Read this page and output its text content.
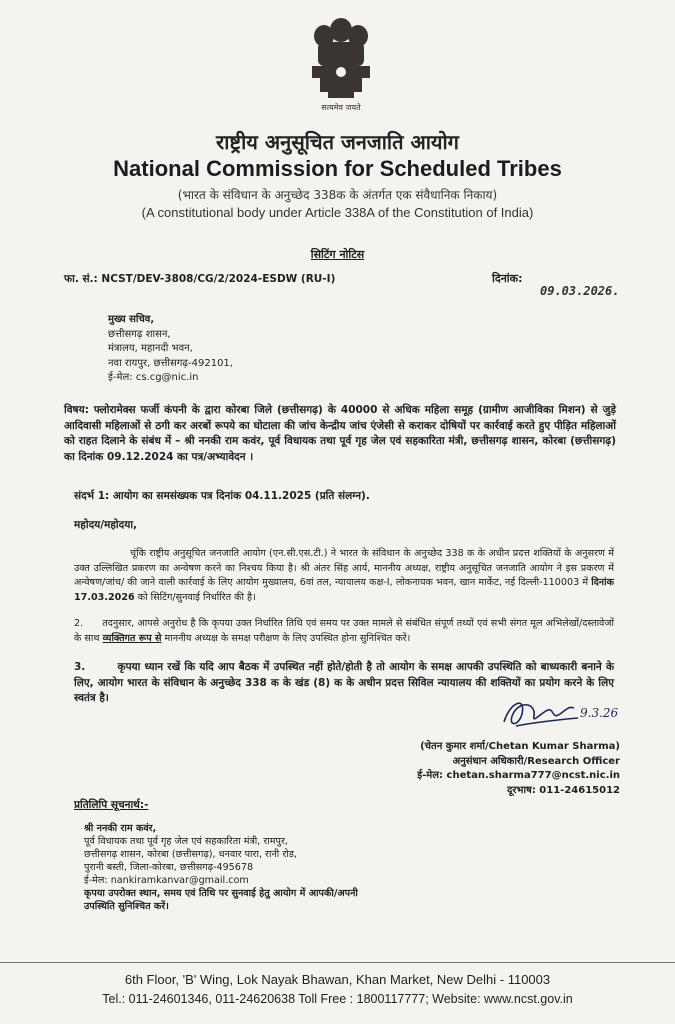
सत्यमेव जयते
राष्ट्रीय अनुसूचित जनजाति आयोग
National Commission for Scheduled Tribes
(भारत के संविधान के अनुच्छेद 338क के अंतर्गत एक संवैधानिक निकाय)
(A constitutional body under Article 338A of the Constitution of India)
सिटिंग नोटिस
फा. सं.: NCST/DEV-3808/CG/2/2024-ESDW (RU-I)	दिनांक:
09.03.2026.
मुख्य सचिव,
छत्तीसगढ़ शासन,
मंत्रालय, महानदी भवन,
नवा रायपुर, छत्तीसगढ़-492101,
ई-मेल: cs.cg@nic.in
विषय: फ्लोरामेक्स फर्जी कंपनी के द्वारा कोरबा जिले (छत्तीसगढ़) के 40000 से अधिक महिला समूह (ग्रामीण आजीविका मिशन) से जुड़े आदिवासी महिलाओं से ठगी कर अरबों रूपये का घोटाला की जांच केन्द्रीय जांच एंजेसी से कराकर दोषियों पर कार्रवाई करते हुए पीड़ित महिलाओं को राहत दिलाने के संबंध में – श्री ननकी राम कवंर, पूर्व विधायक तथा पूर्व गृह जेल एवं सहकारिता मंत्री, छत्तीसगढ़ शासन, कोरबा (छत्तीसगढ़) का दिनांक 09.12.2024 का पत्र/अभ्यावेदन ।
संदर्भ 1: आयोग का समसंख्यक पत्र दिनांक 04.11.2025 (प्रति संलग्न).
महोदय/महोदया,
चूंकि राष्ट्रीय अनुसूचित जनजाति आयोग (एन.सी.एस.टी.) ने भारत के संविधान के अनुच्छेद 338 क के अधीन प्रदत्त शक्तियों के अनुसरण में उक्त उल्लिखित प्रकरण का अन्वेषण करने का निश्चय किया है। श्री अंतर सिंह आर्य, माननीय अध्यक्ष, राष्ट्रीय अनुसूचित जनजाति आयोग ने इस प्रकरण में अन्वेषण/जांच/ की जाने वाली कार्रवाई के लिए आयोग मुख्यालय, 6वां तल, न्यायालय कक्ष-I, लोकनायक भवन, खान मार्केट, नई दिल्ली-110003 में दिनांक 17.03.2026 को सिटिंग/सुनवाई निर्धारित की है।
2. तदनुसार, आपसे अनुरोध है कि कृपया उक्त निर्धारित तिथि एवं समय पर उक्त मामले से संबंधित संपूर्ण तथ्यों एवं सभी संगत मूल अभिलेखों/दस्तावेजों के साथ व्यक्तिगत रूप से माननीय अध्यक्ष के समक्ष परीक्षण के लिए उपस्थित होना सुनिश्चित करें।
3.	कृपया ध्यान रखें कि यदि आप बैठक में उपस्थित नहीं होते/होती है तो आयोग के समक्ष आपकी उपस्थिति को बाध्यकारी बनाने के लिए, आयोग भारत के संविधान के अनुच्छेद 338 क के खंड (8) क के अधीन प्रदत्त सिविल न्यायालय की शक्तियों का प्रयोग करने के लिए स्वतंत्र है।
9.3.26
(चेतन कुमार शर्मा/Chetan Kumar Sharma)
अनुसंधान अधिकारी/Research Officer
ई-मेल: chetan.sharma777@ncst.nic.in
दूरभाष: 011-24615012
प्रतिलिपि सूचनार्थ:-
श्री ननकी राम कवंर,
पूर्व विधायक तथा पूर्व गृह जेल एवं सहकारिता मंत्री, रामपुर,
छत्तीसगढ़ शासन, कोरबा (छत्तीसगढ़), धनवार पारा, रानी रोड,
पुरानी बस्ती, जिला-कोरबा, छत्तीसगढ़-495678
ई-मेल: nankiramkanvar@gmail.com
कृपया उपरोक्त स्थान, समय एवं तिथि पर सुनवाई हेतु आयोग में आपकी/अपनी उपस्थिति सुनिश्चित करें।
6th Floor, 'B' Wing, Lok Nayak Bhawan, Khan Market, New Delhi - 110003
Tel.: 011-24601346, 011-24620638 Toll Free : 1800117777; Website: www.ncst.gov.in
